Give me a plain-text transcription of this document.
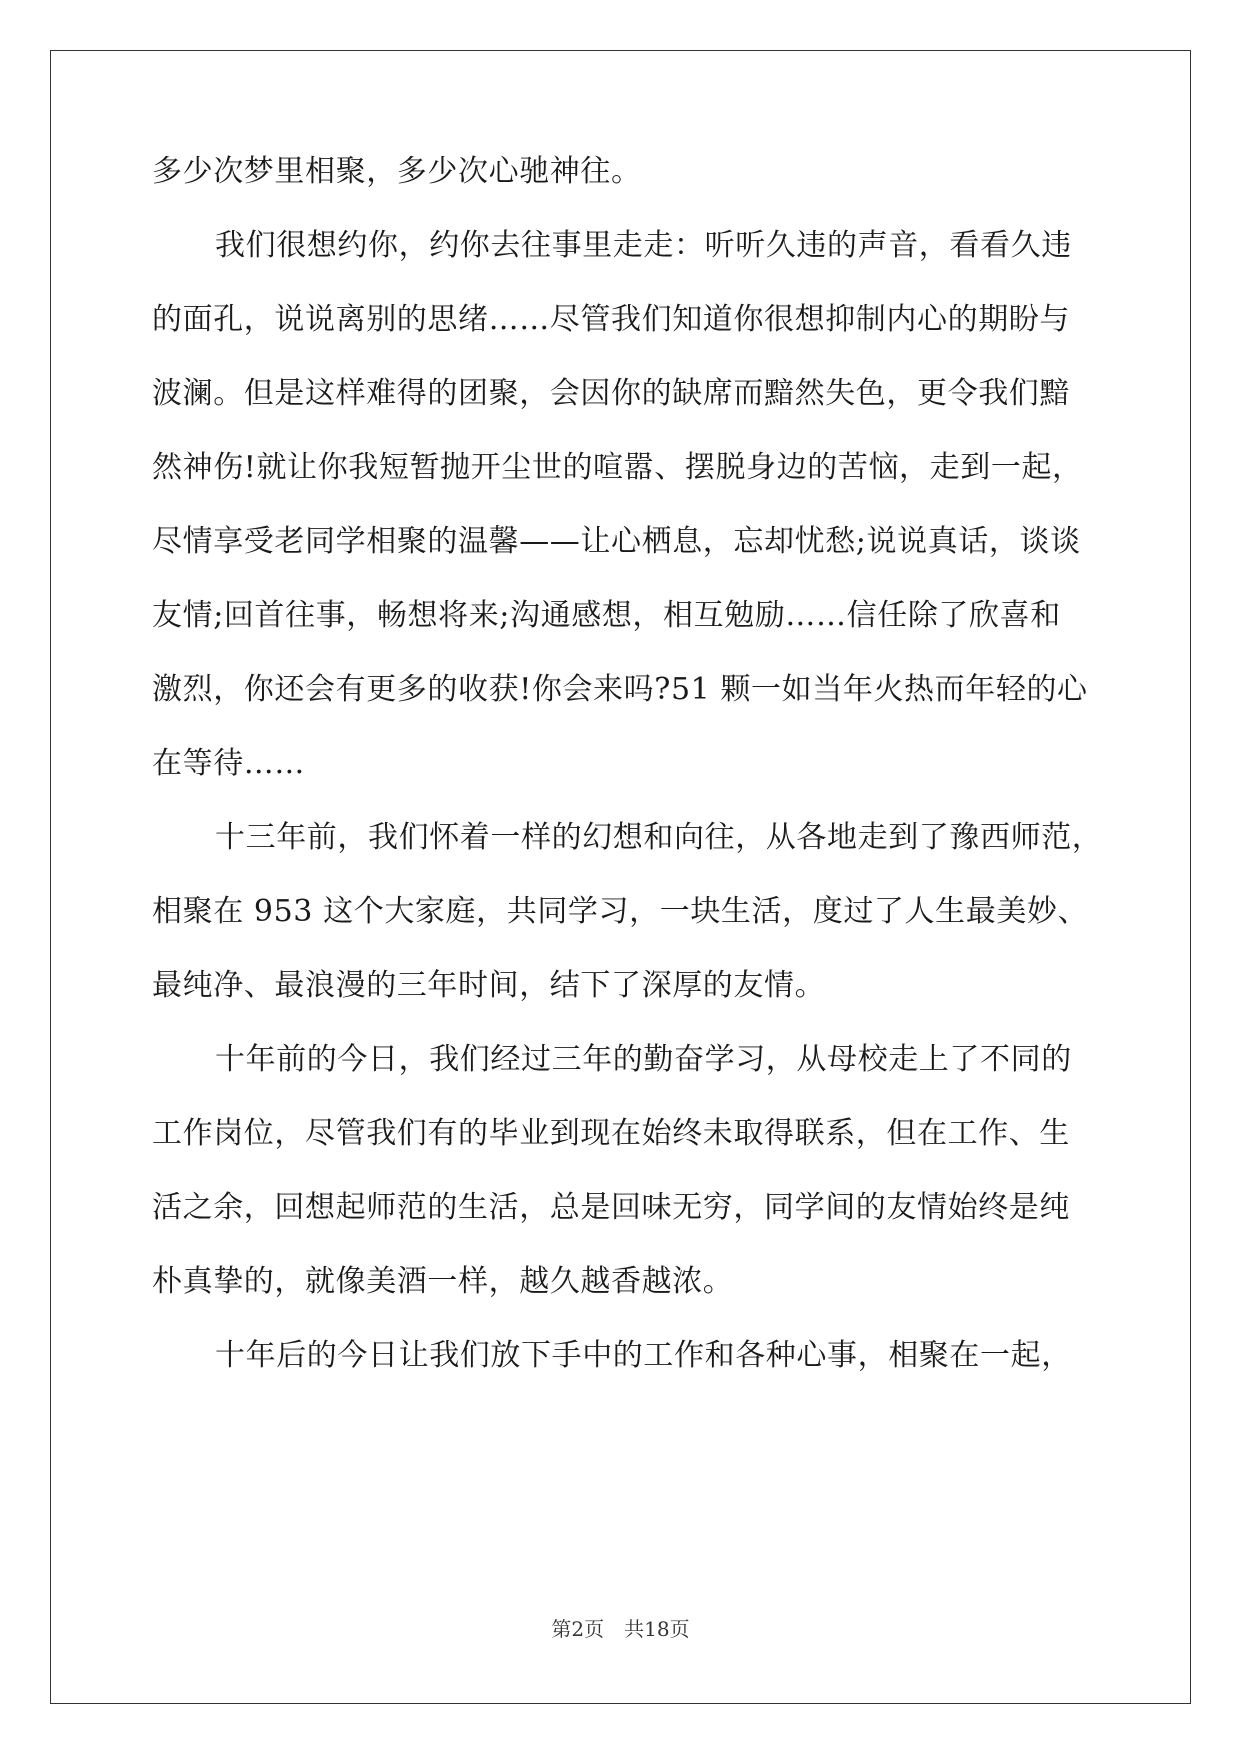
多少次梦里相聚，多少次心驰神往。
我们很想约你，约你去往事里走走：听听久违的声音，看看久违
的面孔，说说离别的思绪……尽管我们知道你很想抑制内心的期盼与
波澜。但是这样难得的团聚，会因你的缺席而黯然失色，更令我们黯
然神伤!就让你我短暂抛开尘世的喧嚣、摆脱身边的苦恼，走到一起，
尽情享受老同学相聚的温馨——让心栖息，忘却忧愁;说说真话，谈谈
友情;回首往事，畅想将来;沟通感想，相互勉励……信任除了欣喜和
激烈，你还会有更多的收获!你会来吗?51 颗一如当年火热而年轻的心
在等待……
十三年前，我们怀着一样的幻想和向往，从各地走到了豫西师范，
相聚在 953 这个大家庭，共同学习，一块生活，度过了人生最美妙、
最纯净、最浪漫的三年时间，结下了深厚的友情。
十年前的今日，我们经过三年的勤奋学习，从母校走上了不同的
工作岗位，尽管我们有的毕业到现在始终未取得联系，但在工作、生
活之余，回想起师范的生活，总是回味无穷，同学间的友情始终是纯
朴真挚的，就像美酒一样，越久越香越浓。
十年后的今日让我们放下手中的工作和各种心事，相聚在一起，
第2页　共18页
